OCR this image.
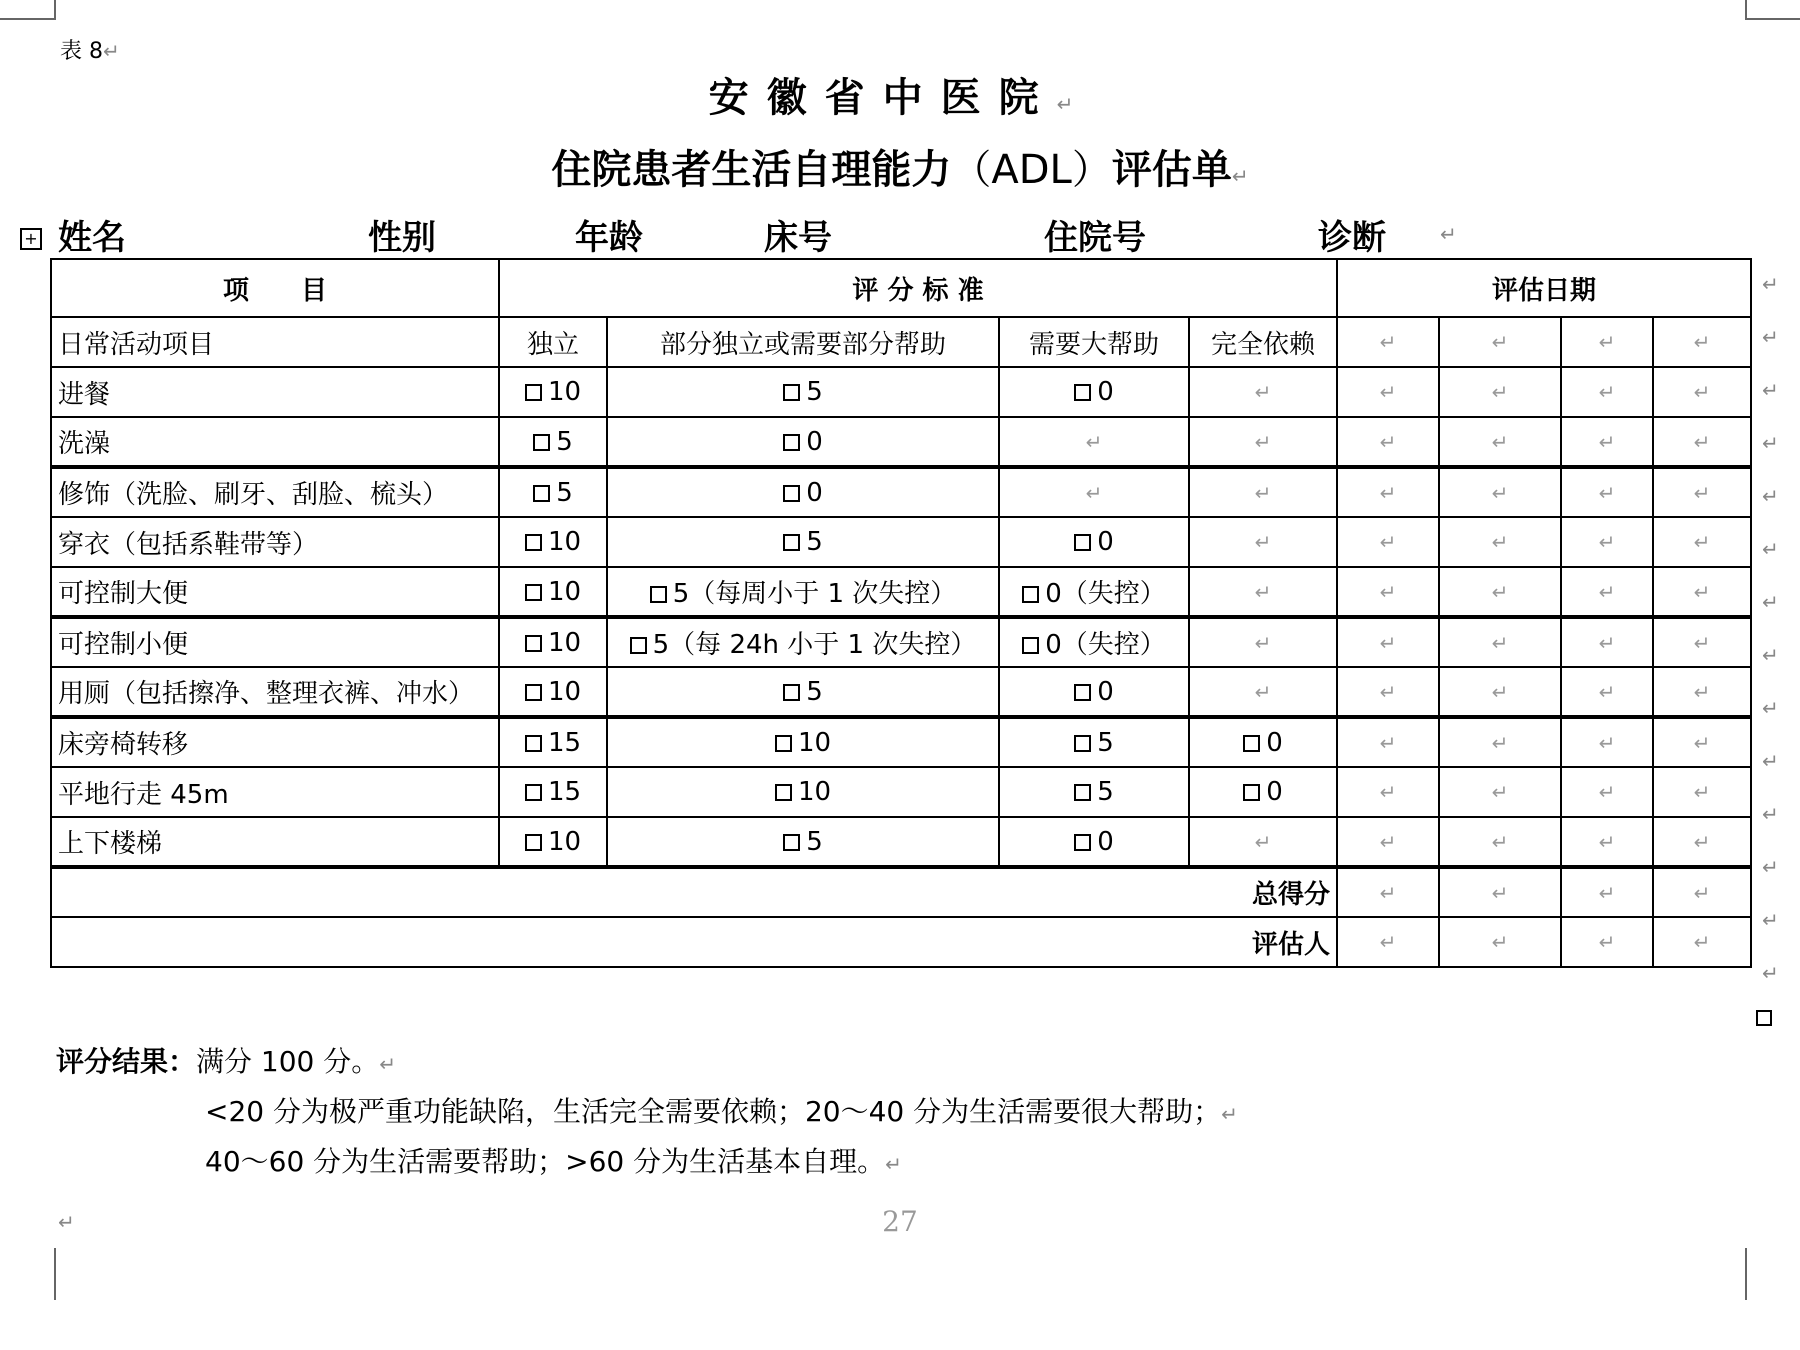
表 8↵
安徽省中医院↵
住院患者生活自理能力（ADL）评估单↵
+ 姓名	性别	年龄	床号	住院号	诊断	↵
项　　目	评 分 标 准				评估日期			
日常活动项目	独立	部分独立或需要部分帮助	需要大帮助	完全依赖	↵	↵	↵	↵
进餐	10	5	0	↵	↵	↵	↵	↵
洗澡	5	0	↵	↵	↵	↵	↵	↵
修饰（洗脸、刷牙、刮脸、梳头）	5	0	↵	↵	↵	↵	↵	↵
穿衣（包括系鞋带等）	10	5	0	↵	↵	↵	↵	↵
可控制大便	10	5（每周小于 1 次失控）	0（失控）	↵	↵	↵	↵	↵
可控制小便	10	5（每 24h 小于 1 次失控）	0（失控）	↵	↵	↵	↵	↵
用厕（包括擦净、整理衣裤、冲水）	10	5	0	↵	↵	↵	↵	↵
床旁椅转移	15	10	5	0	↵	↵	↵	↵
平地行走 45m	15	10	5	0	↵	↵	↵	↵
上下楼梯	10	5	0	↵	↵	↵	↵	↵
总得分					↵	↵	↵	↵
评估人					↵	↵	↵	↵
↵
↵
↵
↵
↵
↵
↵
↵
↵
↵
↵
↵
↵
↵
评分结果：满分 100 分。↵
<20 分为极严重功能缺陷，生活完全需要依赖；20～40 分为生活需要很大帮助；↵
40～60 分为生活需要帮助；>60 分为生活基本自理。↵
↵	27
